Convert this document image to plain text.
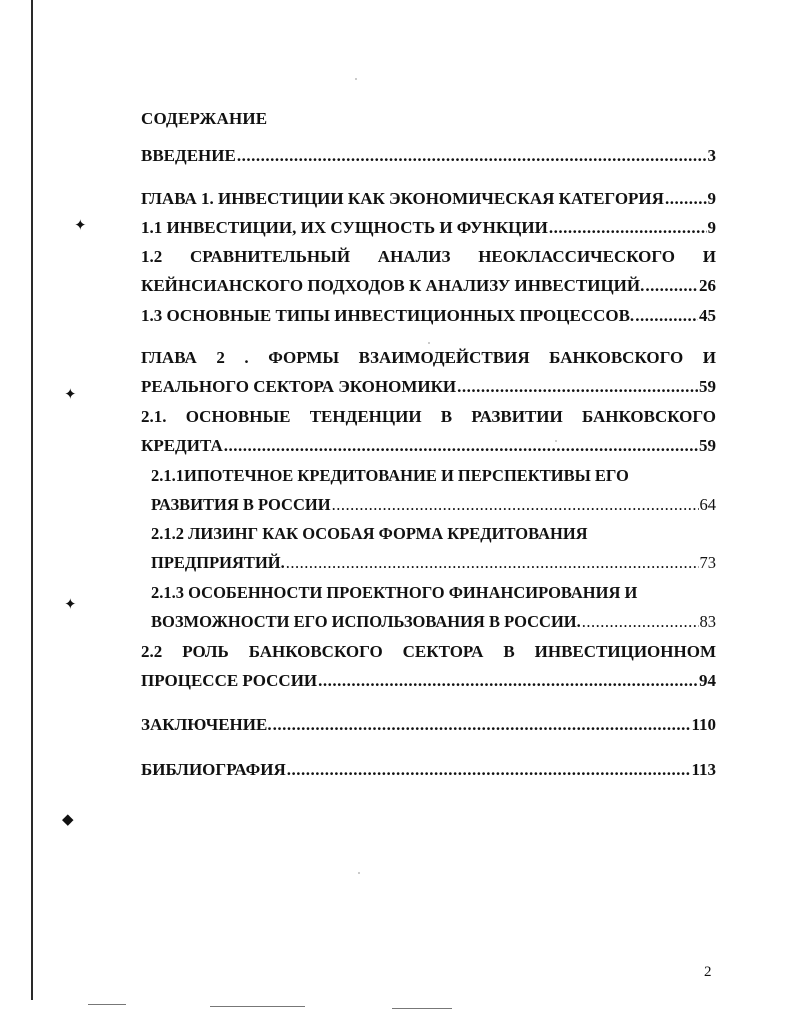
✦
✦
✦
◆
СОДЕРЖАНИЕ
ВВЕДЕНИЕ .....	3
ГЛАВА 1. ИНВЕСТИЦИИ КАК ЭКОНОМИЧЕСКАЯ КАТЕГОРИЯ .....	9
1.1 ИНВЕСТИЦИИ, ИХ СУЩНОСТЬ И ФУНКЦИИ .....	9
1.2 СРАВНИТЕЛЬНЫЙ АНАЛИЗ НЕОКЛАССИЧЕСКОГО И
КЕЙНСИАНСКОГО ПОДХОДОВ К АНАЛИЗУ ИНВЕСТИЦИЙ. .....	26
1.3 ОСНОВНЫЕ ТИПЫ ИНВЕСТИЦИОННЫХ ПРОЦЕССОВ. .....	45
ГЛАВА 2 . ФОРМЫ ВЗАИМОДЕЙСТВИЯ БАНКОВСКОГО И
РЕАЛЬНОГО СЕКТОРА ЭКОНОМИКИ .....	59
2.1. ОСНОВНЫЕ ТЕНДЕНЦИИ В РАЗВИТИИ БАНКОВСКОГО
КРЕДИТА .....	59
2.1.1ИПОТЕЧНОЕ КРЕДИТОВАНИЕ И ПЕРСПЕКТИВЫ ЕГО
РАЗВИТИЯ В РОССИИ .....	64
2.1.2 ЛИЗИНГ КАК ОСОБАЯ ФОРМА КРЕДИТОВАНИЯ
ПРЕДПРИЯТИЙ. .....	73
2.1.3 ОСОБЕННОСТИ ПРОЕКТНОГО ФИНАНСИРОВАНИЯ И
ВОЗМОЖНОСТИ ЕГО ИСПОЛЬЗОВАНИЯ В РОССИИ. .....	83
2.2 РОЛЬ БАНКОВСКОГО СЕКТОРА В ИНВЕСТИЦИОННОМ
ПРОЦЕССЕ РОССИИ .....	94
ЗАКЛЮЧЕНИЕ. .....	110
БИБЛИОГРАФИЯ .....	113
2
